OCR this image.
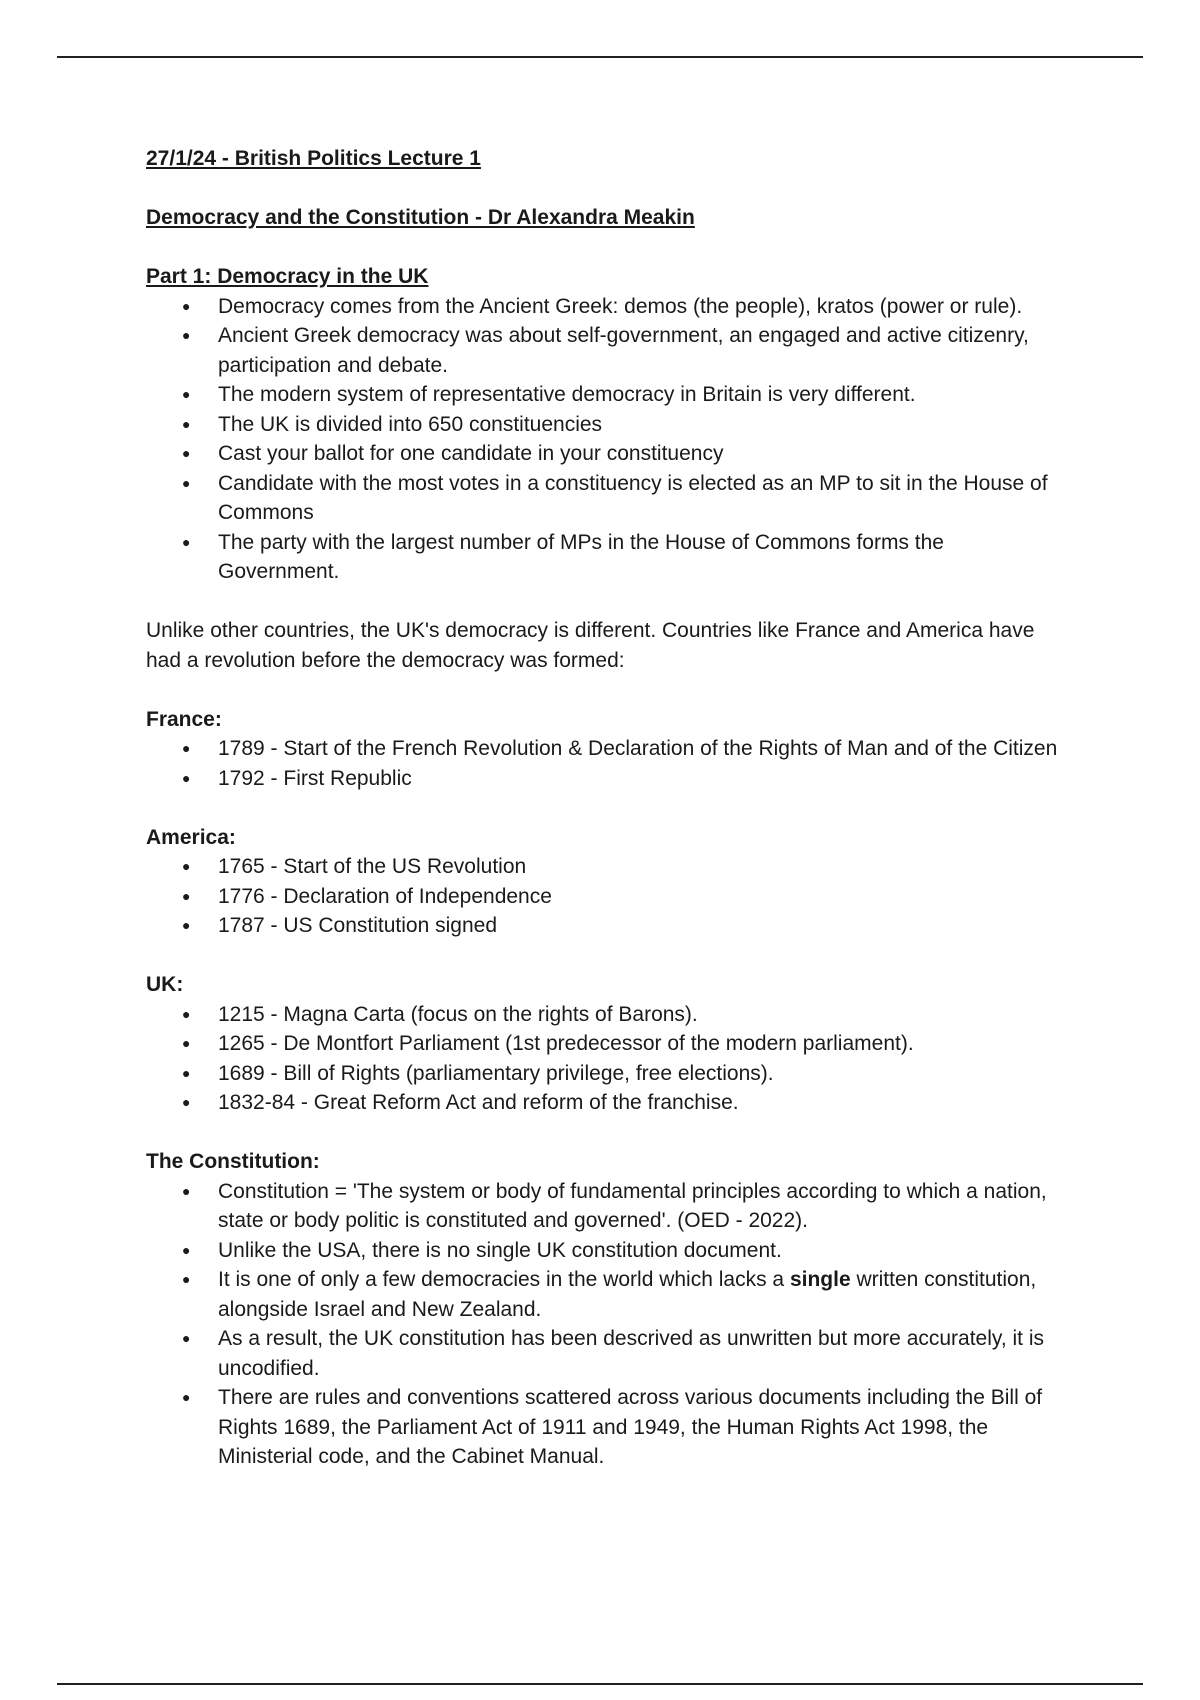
27/1/24 - British Politics Lecture 1

Democracy and the Constitution - Dr Alexandra Meakin

Part 1: Democracy in the UK

● Democracy comes from the Ancient Greek: demos (the people), kratos (power or rule).
● Ancient Greek democracy was about self-government, an engaged and active citizenry, participation and debate.
● The modern system of representative democracy in Britain is very different.
● The UK is divided into 650 constituencies
● Cast your ballot for one candidate in your constituency
● Candidate with the most votes in a constituency is elected as an MP to sit in the House of Commons
● The party with the largest number of MPs in the House of Commons forms the Government.

Unlike other countries, the UK's democracy is different. Countries like France and America have had a revolution before the democracy was formed:

France:

● 1789 - Start of the French Revolution & Declaration of the Rights of Man and of the Citizen
● 1792 - First Republic

America:

● 1765 - Start of the US Revolution
● 1776 - Declaration of Independence
● 1787 - US Constitution signed

UK:

● 1215 - Magna Carta (focus on the rights of Barons).
● 1265 - De Montfort Parliament (1st predecessor of the modern parliament).
● 1689 - Bill of Rights (parliamentary privilege, free elections).
● 1832-84 - Great Reform Act and reform of the franchise.

The Constitution:

● Constitution = 'The system or body of fundamental principles according to which a nation, state or body politic is constituted and governed'. (OED - 2022).
● Unlike the USA, there is no single UK constitution document.
● It is one of only a few democracies in the world which lacks a single written constitution, alongside Israel and New Zealand.
● As a result, the UK constitution has been descrived as unwritten but more accurately, it is uncodified.
● There are rules and conventions scattered across various documents including the Bill of Rights 1689, the Parliament Act of 1911 and 1949, the Human Rights Act 1998, the Ministerial code, and the Cabinet Manual.
